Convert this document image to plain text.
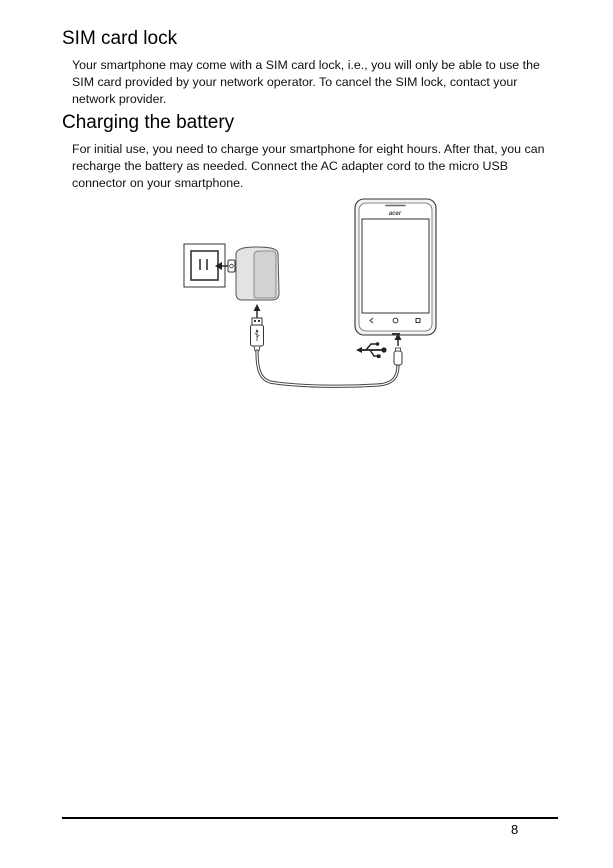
SIM card lock

Your smartphone may come with a SIM card lock, i.e., you will only be able to use the SIM card provided by your network operator. To cancel the SIM lock, contact your network provider.

Charging the battery

For initial use, you need to charge your smartphone for eight hours. After that, you can recharge the battery as needed. Connect the AC adapter cord to the micro USB connector on your smartphone.

acer
8
